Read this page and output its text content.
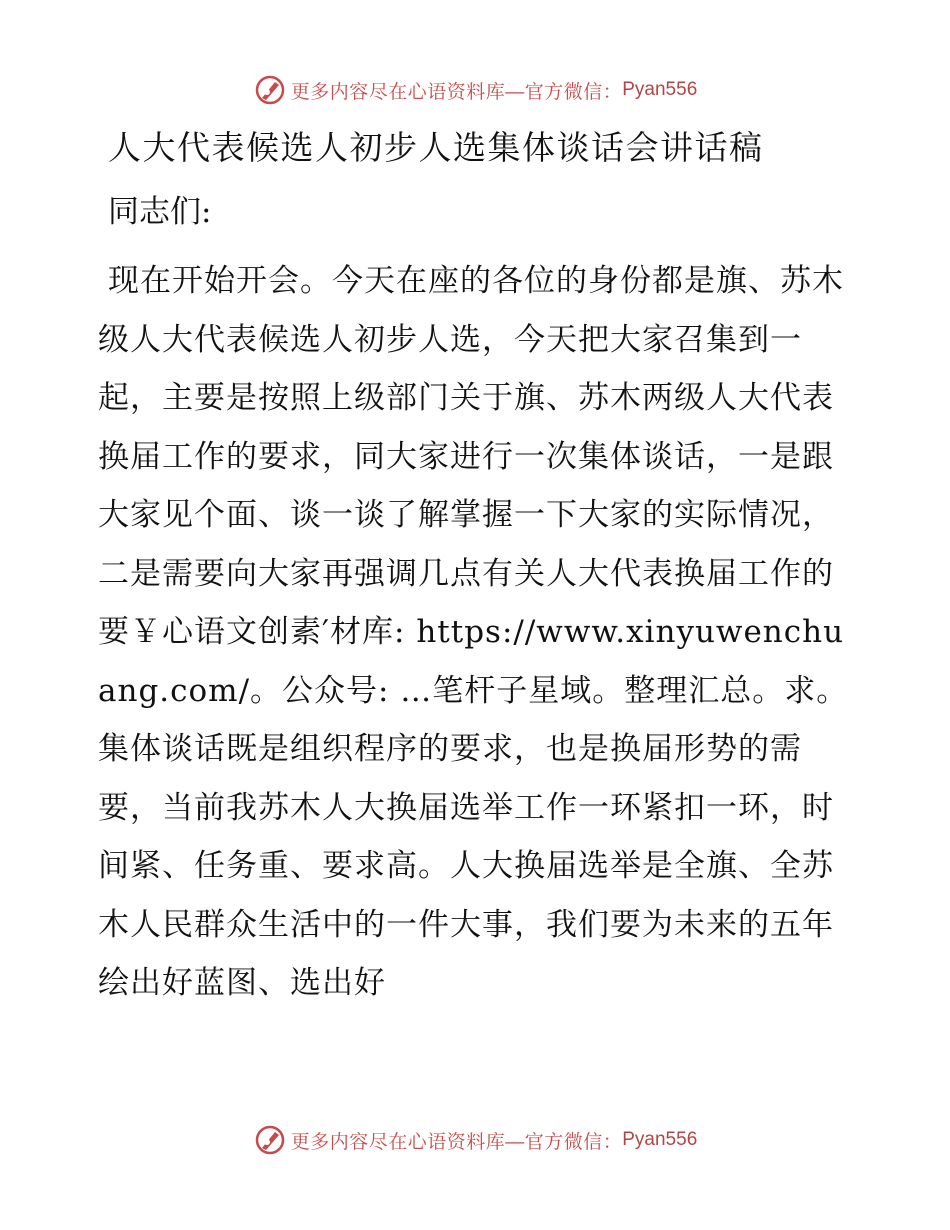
更多内容尽在心语资料库—官方微信： Pyan556
人大代表候选人初步人选集体谈话会讲话稿
同志们:

现在开始开会。今天在座的各位的身份都是旗、苏木级人大代表候选人初步人选，今天把大家召集到一起，主要是按照上级部门关于旗、苏木两级人大代表换届工作的要求，同大家进行一次集体谈话，一是跟大家见个面、谈一谈了解掌握一下大家的实际情况，二是需要向大家再强调几点有关人大代表换届工作的要￥心语文创素′材库: https://www.xinyuwenchuang.com/。公众号: …笔杆子星域。整理汇总。求。集体谈话既是组织程序的要求，也是换届形势的需要，当前我苏木人大换届选举工作一环紧扣一环，时间紧、任务重、要求高。人大换届选举是全旗、全苏木人民群众生活中的一件大事，我们要为未来的五年绘出好蓝图、选出好

更多内容尽在心语资料库—官方微信： Pyan556
